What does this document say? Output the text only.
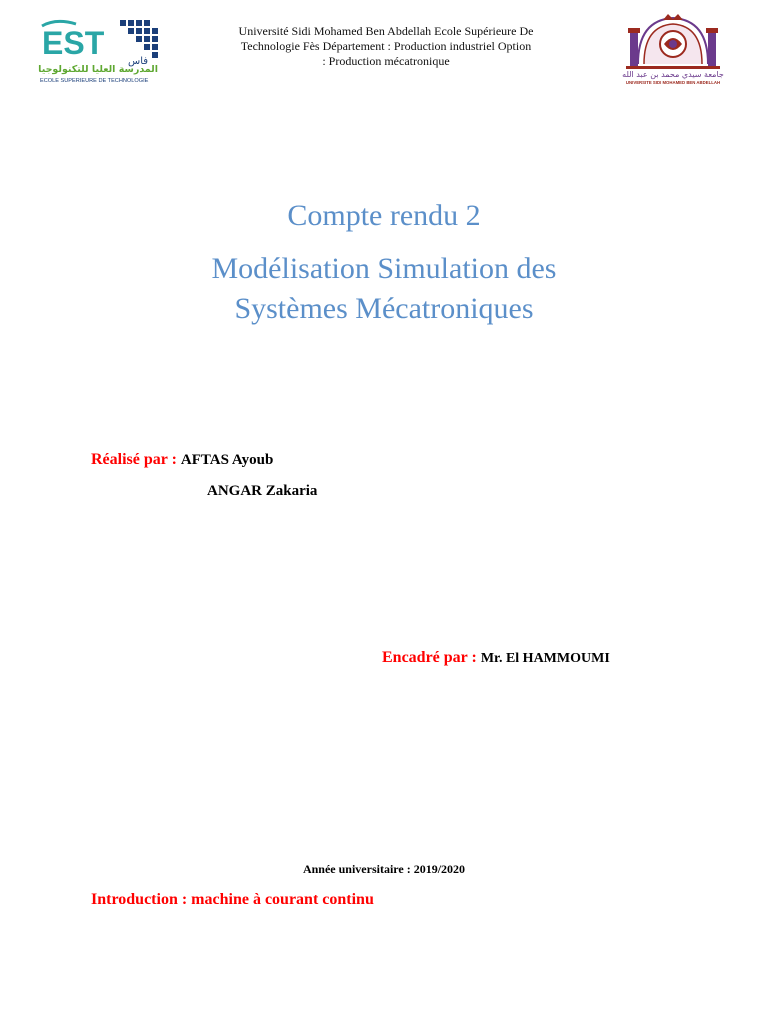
EST
فاس
المدرسة العليا للتكنولوجيا
ECOLE SUPERIEURE DE TECHNOLOGIE
Université Sidi Mohamed Ben Abdellah Ecole Supérieure De Technologie Fès Département : Production industriel Option : Production mécatronique
جامعة سيدي محمد بن عبد الله
UNIVERSITE SIDI MOHAMED BEN ABDELLAH
Compte rendu 2
Modélisation Simulation des
Systèmes Mécatroniques
Réalisé par : AFTAS Ayoub
ANGAR Zakaria
Encadré par : Mr. El HAMMOUMI
Année universitaire : 2019/2020
Introduction : machine à courant continu
